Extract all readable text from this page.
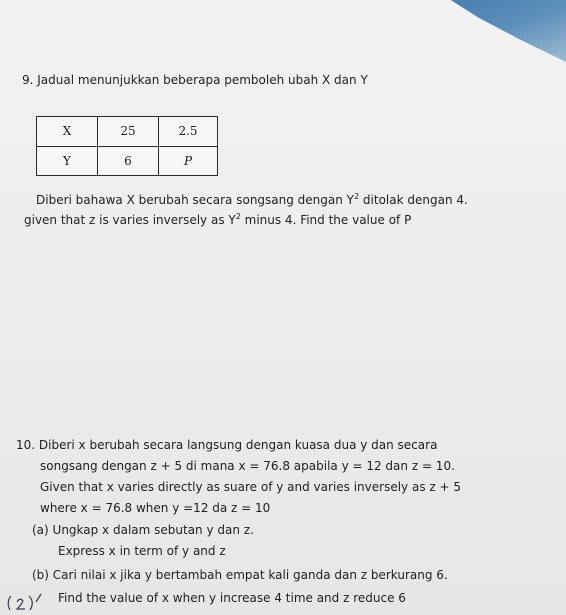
9. Jadual menunjukkan beberapa pemboleh ubah X dan Y
X	25	2.5
Y	6	P
Diberi bahawa X berubah secara songsang dengan $Y^2$ ditolak dengan 4.
given that z is varies inversely as $Y^2$ minus 4. Find the value of P
10. Diberi x berubah secara langsung dengan kuasa dua y dan secara
songsang dengan z + 5 di mana x = 76.8 apabila y = 12 dan z = 10.
Given that x varies directly as suare of y and varies inversely as z + 5
where x = 76.8 when y =12 da z = 10
(a) Ungkap x dalam sebutan y dan z.
Express x in term of y and z
(b) Cari nilai x jika y bertambah empat kali ganda dan z berkurang 6.
Find the value of x when y increase 4 time and z reduce 6
